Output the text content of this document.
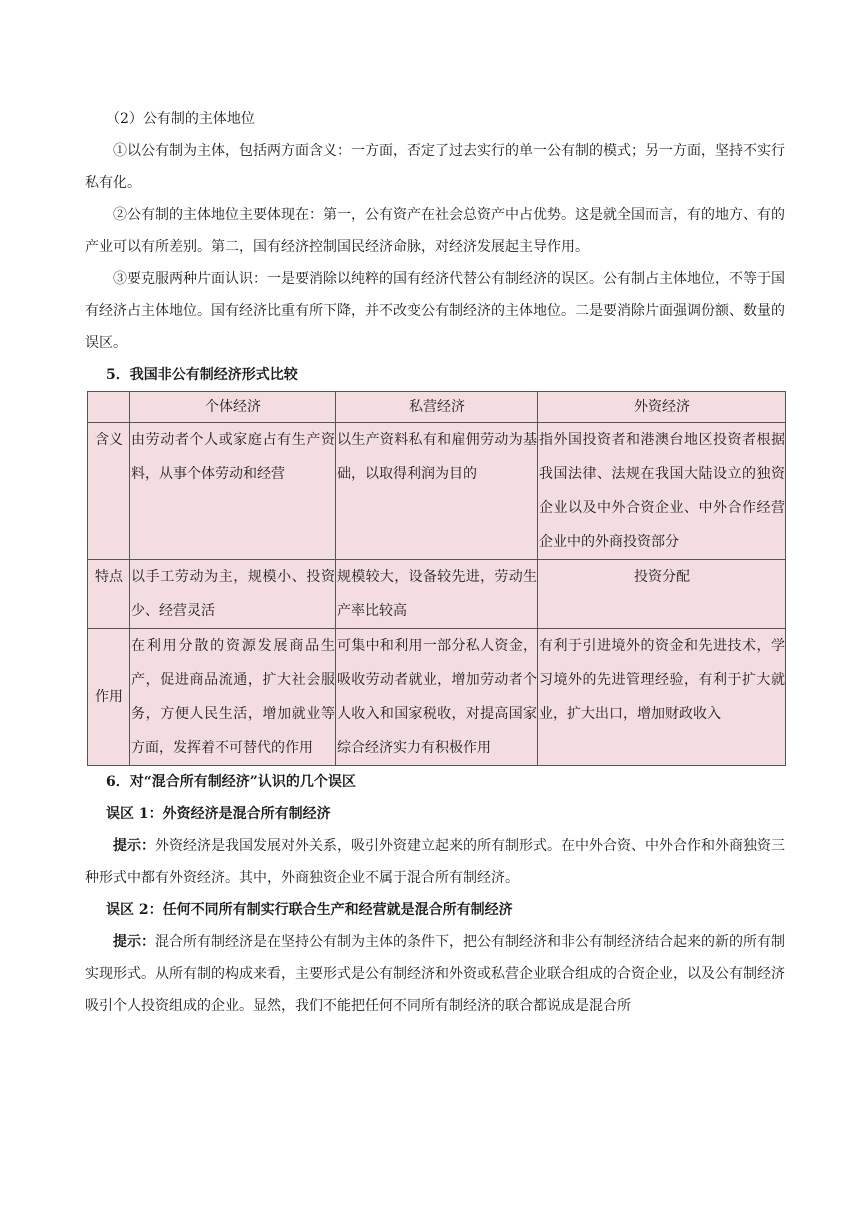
（2）公有制的主体地位

①以公有制为主体，包括两方面含义：一方面，否定了过去实行的单一公有制的模式；另一方面，坚持不实行私有化。

②公有制的主体地位主要体现在：第一，公有资产在社会总资产中占优势。这是就全国而言，有的地方、有的产业可以有所差别。第二，国有经济控制国民经济命脉，对经济发展起主导作用。

③要克服两种片面认识：一是要消除以纯粹的国有经济代替公有制经济的误区。公有制占主体地位，不等于国有经济占主体地位。国有经济比重有所下降，并不改变公有制经济的主体地位。二是要消除片面强调份额、数量的误区。

5．我国非公有制经济形式比较

	个体经济	私营经济	外资经济
含义	由劳动者个人或家庭占有生产资料，从事个体劳动和经营	以生产资料私有和雇佣劳动为基础，以取得利润为目的	指外国投资者和港澳台地区投资者根据我国法律、法规在我国大陆设立的独资企业以及中外合资企业、中外合作经营企业中的外商投资部分

特点	以手工劳动为主，规模小、投资少、经营灵活	规模较大，设备较先进，劳动生产率比较高	投资分配

作用	在利用分散的资源发展商品生产，促进商品流通，扩大社会服务，方便人民生活，增加就业等方面，发挥着不可替代的作用	可集中和利用一部分私人资金，吸收劳动者就业，增加劳动者个人收入和国家税收，对提高国家综合经济实力有积极作用	有利于引进境外的资金和先进技术，学习境外的先进管理经验，有利于扩大就业，扩大出口，增加财政收入

6．对“混合所有制经济”认识的几个误区

误区 1：外资经济是混合所有制经济

提示：外资经济是我国发展对外关系，吸引外资建立起来的所有制形式。在中外合资、中外合作和外商独资三种形式中都有外资经济。其中，外商独资企业不属于混合所有制经济。

误区 2：任何不同所有制实行联合生产和经营就是混合所有制经济

提示：混合所有制经济是在坚持公有制为主体的条件下，把公有制经济和非公有制经济结合起来的新的所有制实现形式。从所有制的构成来看，主要形式是公有制经济和外资或私营企业联合组成的合资企业，以及公有制经济吸引个人投资组成的企业。显然，我们不能把任何不同所有制经济的联合都说成是混合所
